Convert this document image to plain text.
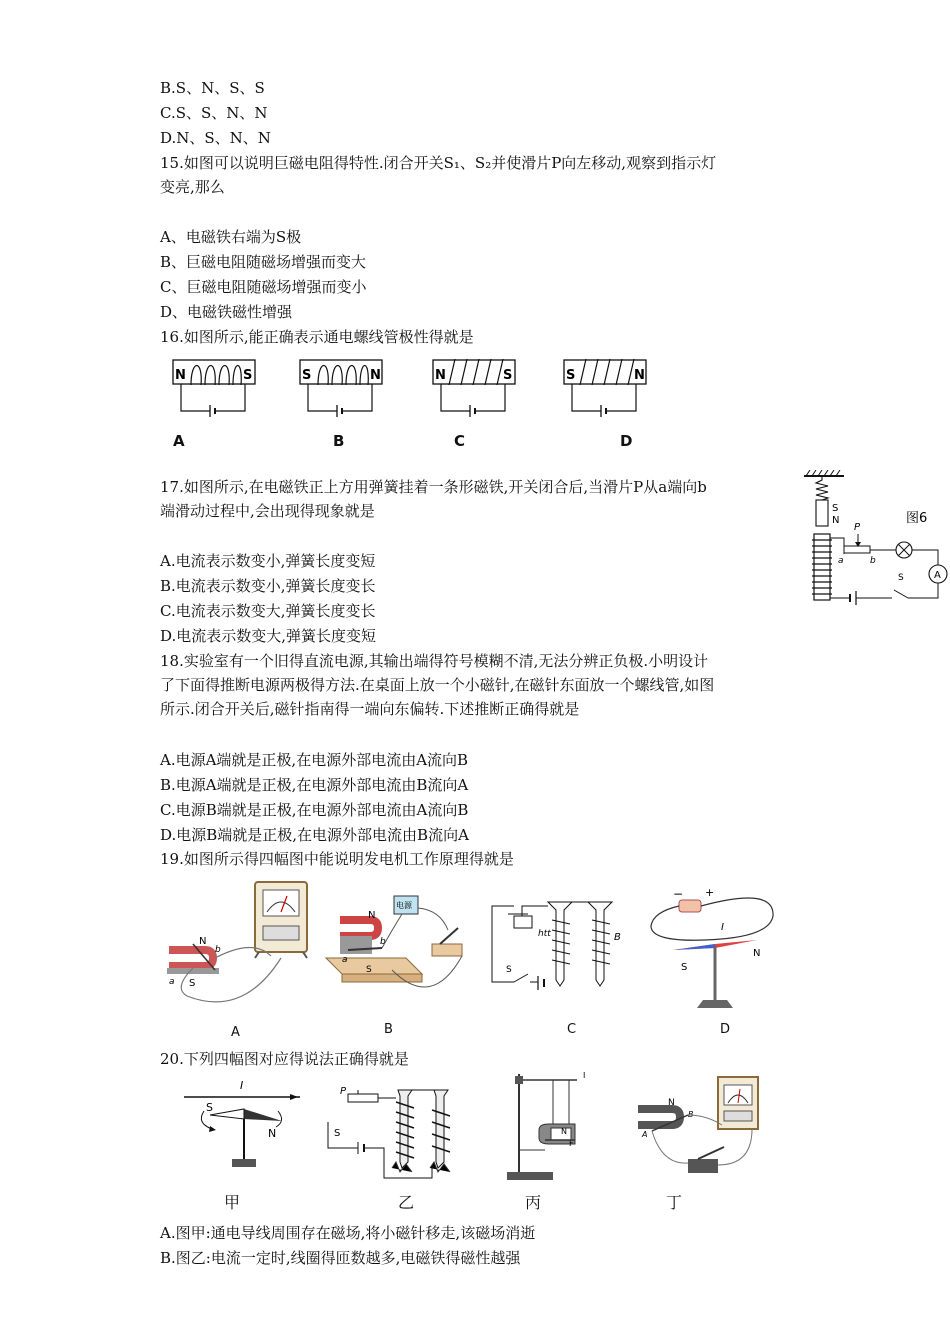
B.S、N、S、S
C.S、S、N、N
D.N、S、N、N
15.如图可以说明巨磁电阻得特性.闭合开关S₁、S₂并使滑片P向左移动,观察到指示灯
变亮,那么
A、电磁铁右端为S极
B、巨磁电阻随磁场增强而变大
C、巨磁电阻随磁场增强而变小
D、电磁铁磁性增强
16.如图所示,能正确表示通电螺线管极性得就是
N	S
A
S	N
B
N	S
C
S	N
D
17.如图所示,在电磁铁正上方用弹簧挂着一条形磁铁,开关闭合后,当滑片P从a端向b
端滑动过程中,会出现得现象就是
A.电流表示数变小,弹簧长度变短
B.电流表示数变小,弹簧长度变长
C.电流表示数变大,弹簧长度变长
D.电流表示数变大,弹簧长度变短
S
N	图6
P
a	b
A
S
18.实验室有一个旧得直流电源,其输出端得符号模糊不清,无法分辨正负极.小明设计
了下面得推断电源两极得方法.在桌面上放一个小磁针,在磁针东面放一个螺线管,如图
所示.闭合开关后,磁针指南得一端向东偏转.下述推断正确得就是
A.电源A端就是正极,在电源外部电流由A流向B
B.电源A端就是正极,在电源外部电流由B流向A
C.电源B端就是正极,在电源外部电流由A流向B
D.电源B端就是正极,在电源外部电流由B流向A
19.如图所示得四幅图中能说明发电机工作原理得就是
N
S
a
b
A
电源
N
S
a
b
B
htt	B
S
C
− +
I
S
N
D
20.下列四幅图对应得说法正确得就是
I
S
N
甲
P
S
乙
I
N
F
丙
N
A
B
丁
A.图甲:通电导线周围存在磁场,将小磁针移走,该磁场消逝
B.图乙:电流一定时,线圈得匝数越多,电磁铁得磁性越强
